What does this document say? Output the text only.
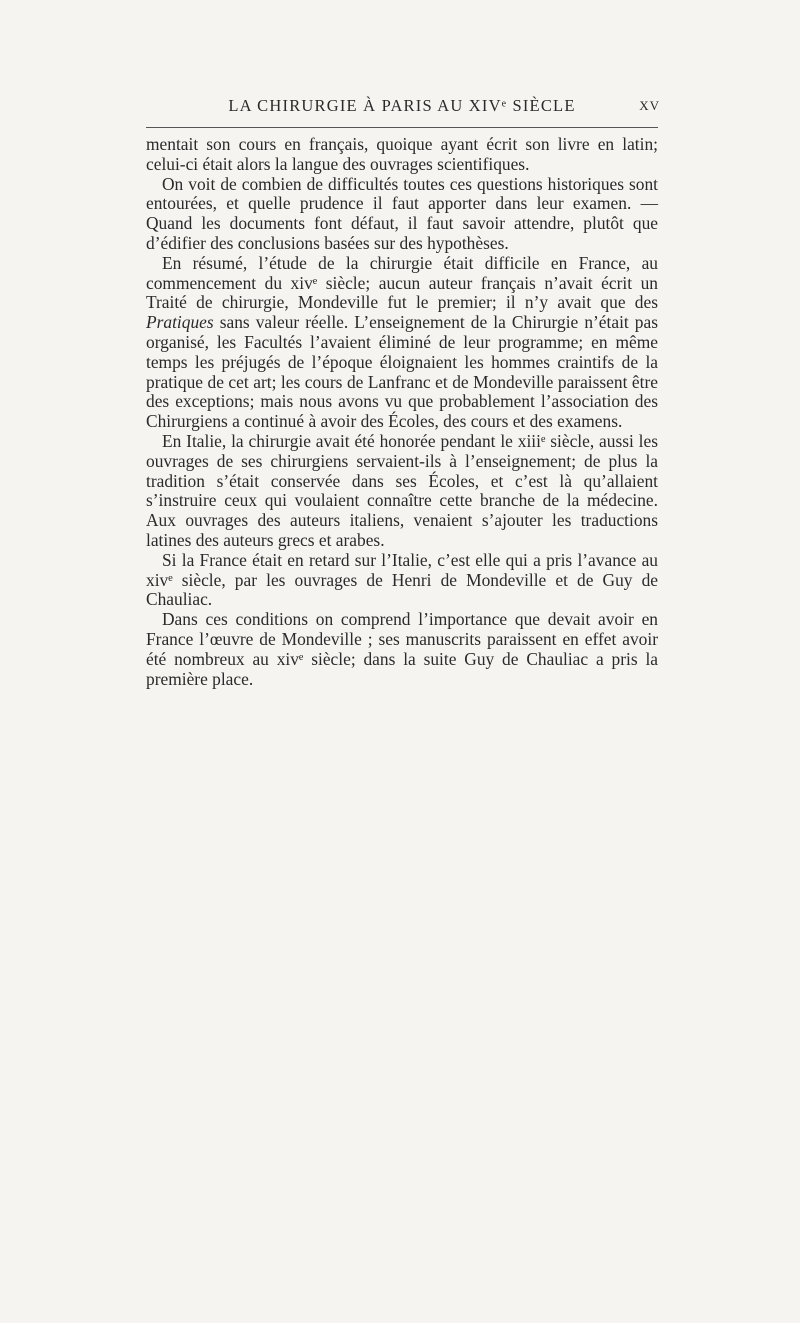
LA CHIRURGIE À PARIS AU XIVᵉ SIÈCLE	XV

mentait son cours en français, quoique ayant écrit son livre en latin; celui-ci était alors la langue des ouvrages scientifiques.

On voit de combien de difficultés toutes ces questions historiques sont entourées, et quelle prudence il faut apporter dans leur examen. — Quand les documents font défaut, il faut savoir attendre, plutôt que d’édifier des conclusions basées sur des hypothèses.

En résumé, l’étude de la chirurgie était difficile en France, au commencement du xivᵉ siècle; aucun auteur français n’avait écrit un Traité de chirurgie, Mondeville fut le premier; il n’y avait que des Pratiques sans valeur réelle. L’enseignement de la Chirurgie n’était pas organisé, les Facultés l’avaient éliminé de leur programme; en même temps les préjugés de l’époque éloignaient les hommes craintifs de la pratique de cet art; les cours de Lanfranc et de Mondeville paraissent être des exceptions; mais nous avons vu que probablement l’association des Chirurgiens a continué à avoir des Écoles, des cours et des examens.

En Italie, la chirurgie avait été honorée pendant le xiiiᵉ siècle, aussi les ouvrages de ses chirurgiens servaient-ils à l’enseignement; de plus la tradition s’était conservée dans ses Écoles, et c’est là qu’allaient s’instruire ceux qui voulaient connaître cette branche de la médecine. Aux ouvrages des auteurs italiens, venaient s’ajouter les traductions latines des auteurs grecs et arabes.

Si la France était en retard sur l’Italie, c’est elle qui a pris l’avance au xivᵉ siècle, par les ouvrages de Henri de Mondeville et de Guy de Chauliac.

Dans ces conditions on comprend l’importance que devait avoir en France l’œuvre de Mondeville ; ses manuscrits paraissent en effet avoir été nombreux au xivᵉ siècle; dans la suite Guy de Chauliac a pris la première place.
